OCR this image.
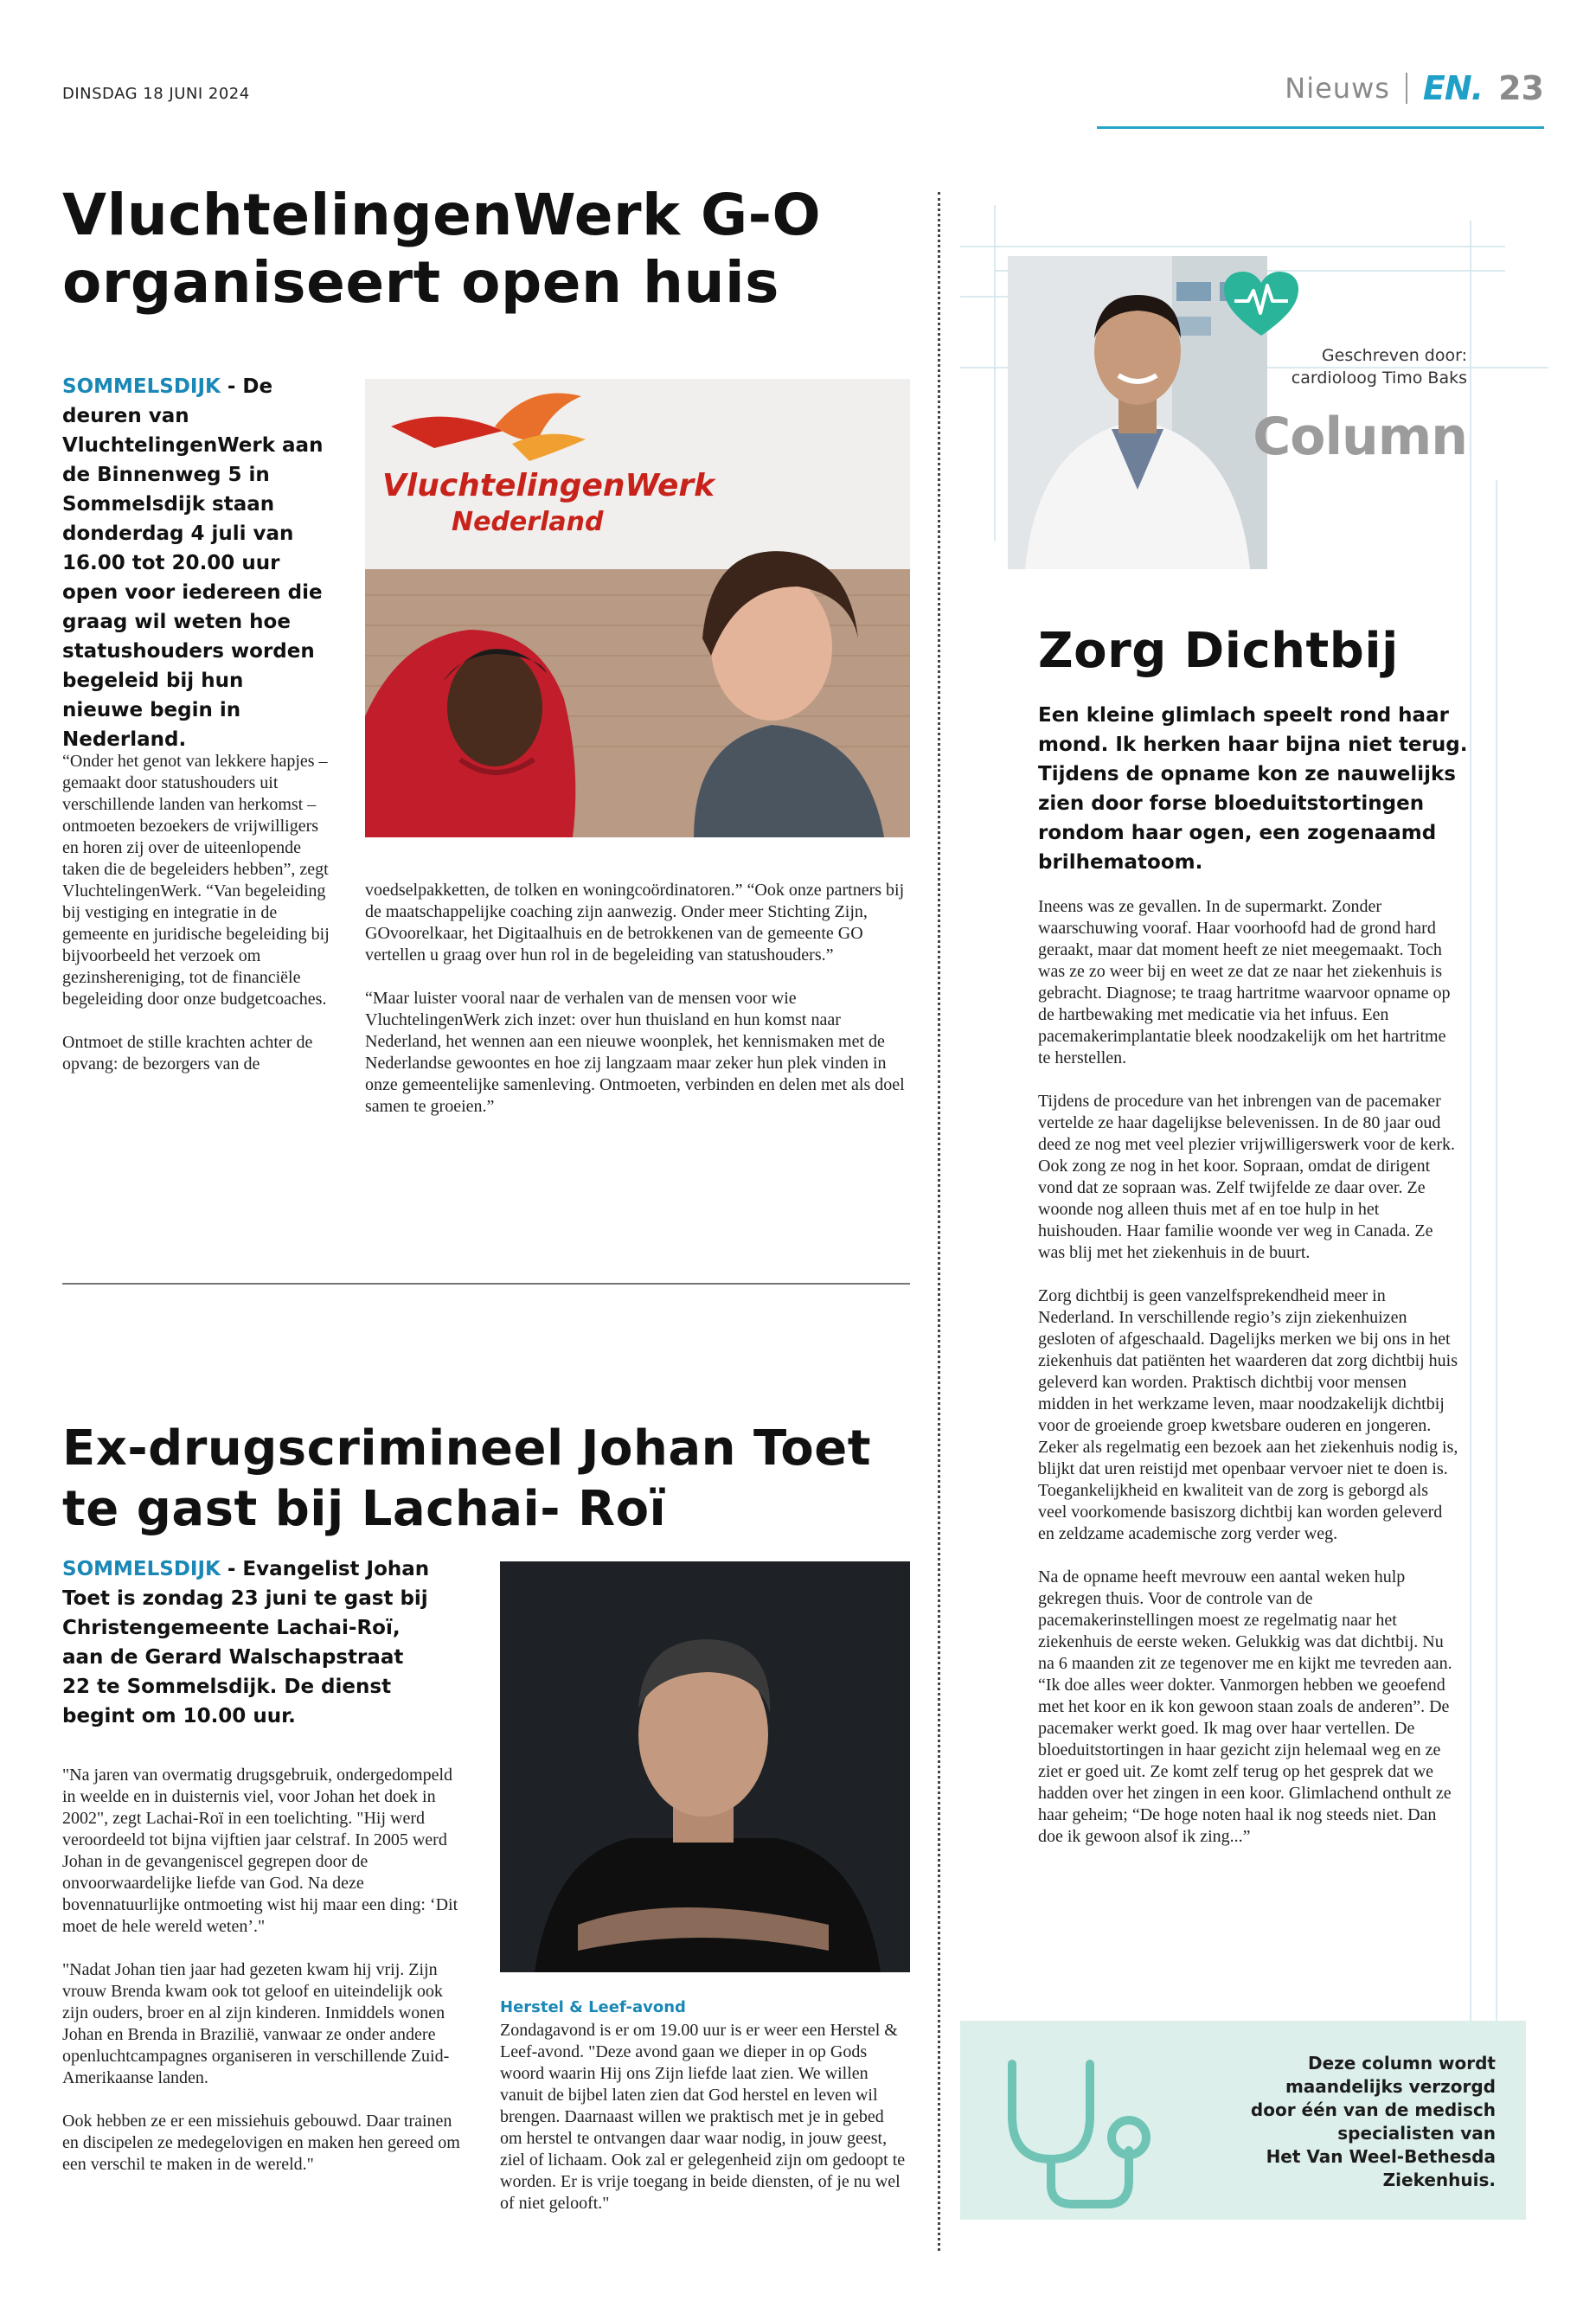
DINSDAG 18 JUNI 2024	Nieuws EN. 23
VluchtelingenWerk G-O
organiseert open huis
SOMMELSDIJK - De deuren van VluchtelingenWerk aan de Binnenweg 5 in Sommelsdijk staan donderdag 4 juli van 16.00 tot 20.00 uur open voor iedereen die graag wil weten hoe statushouders worden begeleid bij hun nieuwe begin in Nederland.
VluchtelingenWerk
Nederland

“Onder het genot van lekkere hapjes – gemaakt door statushouders uit verschillende landen van herkomst – ontmoeten bezoekers de vrijwilligers en horen zij over de uiteenlopende taken die de begeleiders hebben”, zegt VluchtelingenWerk. “Van begeleiding bij vestiging en integratie in de gemeente en juridische begeleiding bij bijvoorbeeld het verzoek om gezinshereniging, tot de financiële begeleiding door onze budgetcoaches.

Ontmoet de stille krachten achter de opvang: de bezorgers van de

voedselpakketten, de tolken en woningcoördinatoren.” “Ook onze partners bij de maatschappelijke coaching zijn aanwezig. Onder meer Stichting Zijn, GOvoorelkaar, het Digitaalhuis en de betrokkenen van de gemeente GO vertellen u graag over hun rol in de begeleiding van statushouders.”

“Maar luister vooral naar de verhalen van de mensen voor wie VluchtelingenWerk zich inzet: over hun thuisland en hun komst naar Nederland, het wennen aan een nieuwe woonplek, het kennismaken met de Nederlandse gewoontes en hoe zij langzaam maar zeker hun plek vinden in onze gemeentelijke samenleving. Ontmoeten, verbinden en delen met als doel samen te groeien.”

Ex-drugscrimineel Johan Toet
te gast bij Lachai- Roï
SOMMELSDIJK - Evangelist Johan Toet is zondag 23 juni te gast bij Christengemeente Lachai-Roï, aan de Gerard Walschapstraat 22 te Sommelsdijk. De dienst begint om 10.00 uur.

"Na jaren van overmatig drugsgebruik, ondergedompeld in weelde en in duisternis viel, voor Johan het doek in 2002", zegt Lachai-Roï in een toelichting. "Hij werd veroordeeld tot bijna vijftien jaar celstraf. In 2005 werd Johan in de gevangeniscel gegrepen door de onvoorwaardelijke liefde van God. Na deze bovennatuurlijke ontmoeting wist hij maar een ding: ‘Dit moet de hele wereld weten’."

"Nadat Johan tien jaar had gezeten kwam hij vrij. Zijn vrouw Brenda kwam ook tot geloof en uiteindelijk ook zijn ouders, broer en al zijn kinderen. Inmiddels wonen Johan en Brenda in Brazilië, vanwaar ze onder andere openluchtcampagnes organiseren in verschillende Zuid-Amerikaanse landen.

Ook hebben ze er een missiehuis gebouwd. Daar trainen en discipelen ze medegelovigen en maken hen gereed om een verschil te maken in de wereld."

Herstel & Leef-avond

Zondagavond is er om 19.00 uur is er weer een Herstel & Leef-avond. "Deze avond gaan we dieper in op Gods woord waarin Hij ons Zijn liefde laat zien. We willen vanuit de bijbel laten zien dat God herstel en leven wil brengen. Daarnaast willen we praktisch met je in gebed om herstel te ontvangen daar waar nodig, in jouw geest, ziel of lichaam. Ook zal er gelegenheid zijn om gedoopt te worden. Er is vrije toegang in beide diensten, of je nu wel of niet gelooft."

Geschreven door:
cardioloog Timo Baks
Column
Zorg Dichtbij
Een kleine glimlach speelt rond haar mond. Ik herken haar bijna niet terug. Tijdens de opname kon ze nauwelijks zien door forse bloeduitstortingen rondom haar ogen, een zogenaamd brilhematoom.

Ineens was ze gevallen. In de supermarkt. Zonder waarschuwing vooraf. Haar voorhoofd had de grond hard geraakt, maar dat moment heeft ze niet meegemaakt. Toch was ze zo weer bij en weet ze dat ze naar het ziekenhuis is gebracht. Diagnose; te traag hartritme waarvoor opname op de hartbewaking met medicatie via het infuus. Een pacemakerimplantatie bleek noodzakelijk om het hartritme te herstellen.

Tijdens de procedure van het inbrengen van de pacemaker vertelde ze haar dagelijkse belevenissen. In de 80 jaar oud deed ze nog met veel plezier vrijwilligerswerk voor de kerk. Ook zong ze nog in het koor. Sopraan, omdat de dirigent vond dat ze sopraan was. Zelf twijfelde ze daar over. Ze woonde nog alleen thuis met af en toe hulp in het huishouden. Haar familie woonde ver weg in Canada. Ze was blij met het ziekenhuis in de buurt.

Zorg dichtbij is geen vanzelfsprekendheid meer in Nederland. In verschillende regio’s zijn ziekenhuizen gesloten of afgeschaald. Dagelijks merken we bij ons in het ziekenhuis dat patiënten het waarderen dat zorg dichtbij huis geleverd kan worden. Praktisch dichtbij voor mensen midden in het werkzame leven, maar noodzakelijk dichtbij voor de groeiende groep kwetsbare ouderen en jongeren. Zeker als regelmatig een bezoek aan het ziekenhuis nodig is, blijkt dat uren reistijd met openbaar vervoer niet te doen is. Toegankelijkheid en kwaliteit van de zorg is geborgd als veel voorkomende basiszorg dichtbij kan worden geleverd en zeldzame academische zorg verder weg.

Na de opname heeft mevrouw een aantal weken hulp gekregen thuis. Voor de controle van de pacemakerinstellingen moest ze regelmatig naar het ziekenhuis de eerste weken. Gelukkig was dat dichtbij. Nu na 6 maanden zit ze tegenover me en kijkt me tevreden aan. “Ik doe alles weer dokter. Vanmorgen hebben we geoefend met het koor en ik kon gewoon staan zoals de anderen”. De pacemaker werkt goed. Ik mag over haar vertellen. De bloeduitstortingen in haar gezicht zijn helemaal weg en ze ziet er goed uit. Ze komt zelf terug op het gesprek dat we hadden over het zingen in een koor. Glimlachend onthult ze haar geheim; “De hoge noten haal ik nog steeds niet. Dan doe ik gewoon alsof ik zing...”

Deze column wordt
maandelijks verzorgd
door één van de medisch
specialisten van
Het Van Weel-Bethesda
Ziekenhuis.
